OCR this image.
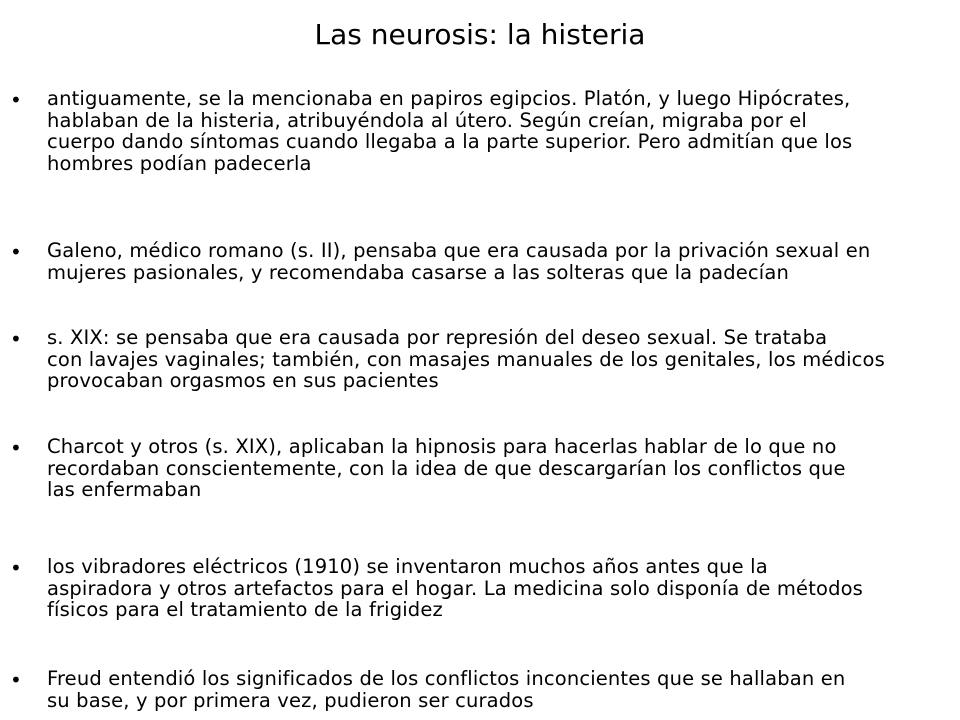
Las neurosis: la histeria
• antiguamente, se la mencionaba en papiros egipcios. Platón, y luego Hipócrates,
hablaban de la histeria, atribuyéndola al útero. Según creían, migraba por el
cuerpo dando síntomas cuando llegaba a la parte superior. Pero admitían que los
hombres podían padecerla
• Galeno, médico romano (s. II), pensaba que era causada por la privación sexual en
mujeres pasionales, y recomendaba casarse a las solteras que la padecían
• s. XIX: se pensaba que era causada por represión del deseo sexual. Se trataba
con lavajes vaginales; también, con masajes manuales de los genitales, los médicos
provocaban orgasmos en sus pacientes
• Charcot y otros (s. XIX), aplicaban la hipnosis para hacerlas hablar de lo que no
recordaban conscientemente, con la idea de que descargarían los conflictos que
las enfermaban
• los vibradores eléctricos (1910) se inventaron muchos años antes que la
aspiradora y otros artefactos para el hogar. La medicina solo disponía de métodos
físicos para el tratamiento de la frigidez
• Freud entendió los significados de los conflictos inconcientes que se hallaban en
su base, y por primera vez, pudieron ser curados
